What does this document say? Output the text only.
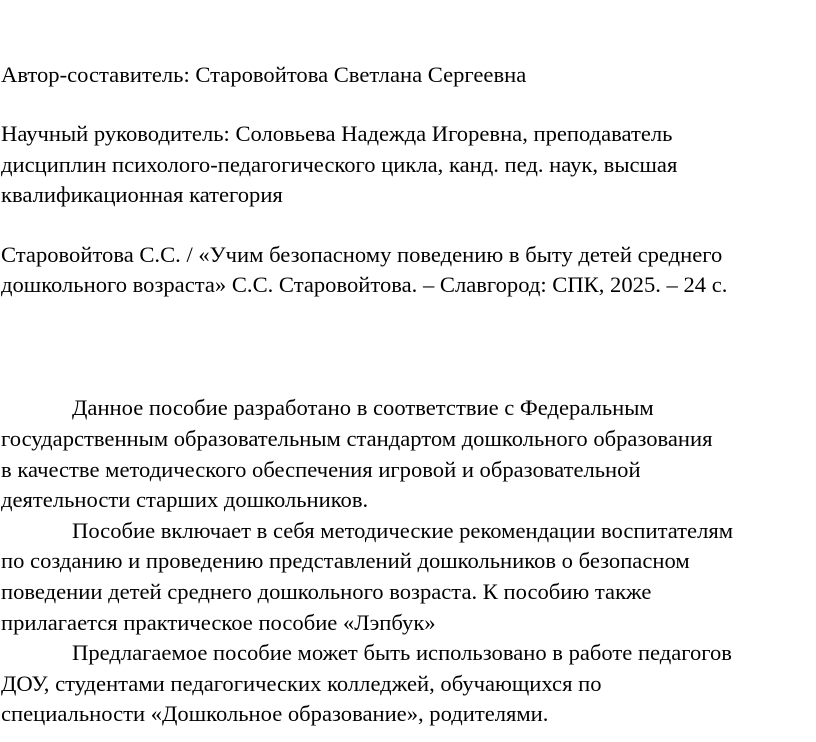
Автор-составитель: Старовойтова Светлана Сергеевна
Научный руководитель: Соловьева Надежда Игоревна, преподаватель
дисциплин психолого-педагогического цикла, канд. пед. наук, высшая
квалификационная категория
Старовойтова С.С. / «Учим безопасному поведению в быту детей среднего
дошкольного возраста» С.С. Старовойтова. – Славгород: СПК, 2025. – 24 с.
Данное пособие разработано в соответствие с Федеральным
государственным образовательным стандартом дошкольного образования
в качестве методического обеспечения игровой и образовательной
деятельности старших дошкольников.
Пособие включает в себя методические рекомендации воспитателям
по созданию и проведению представлений дошкольников о безопасном
поведении детей среднего дошкольного возраста. К пособию также
прилагается практическое пособие «Лэпбук»
Предлагаемое пособие может быть использовано в работе педагогов
ДОУ, студентами педагогических колледжей, обучающихся по
специальности «Дошкольное образование», родителями.
